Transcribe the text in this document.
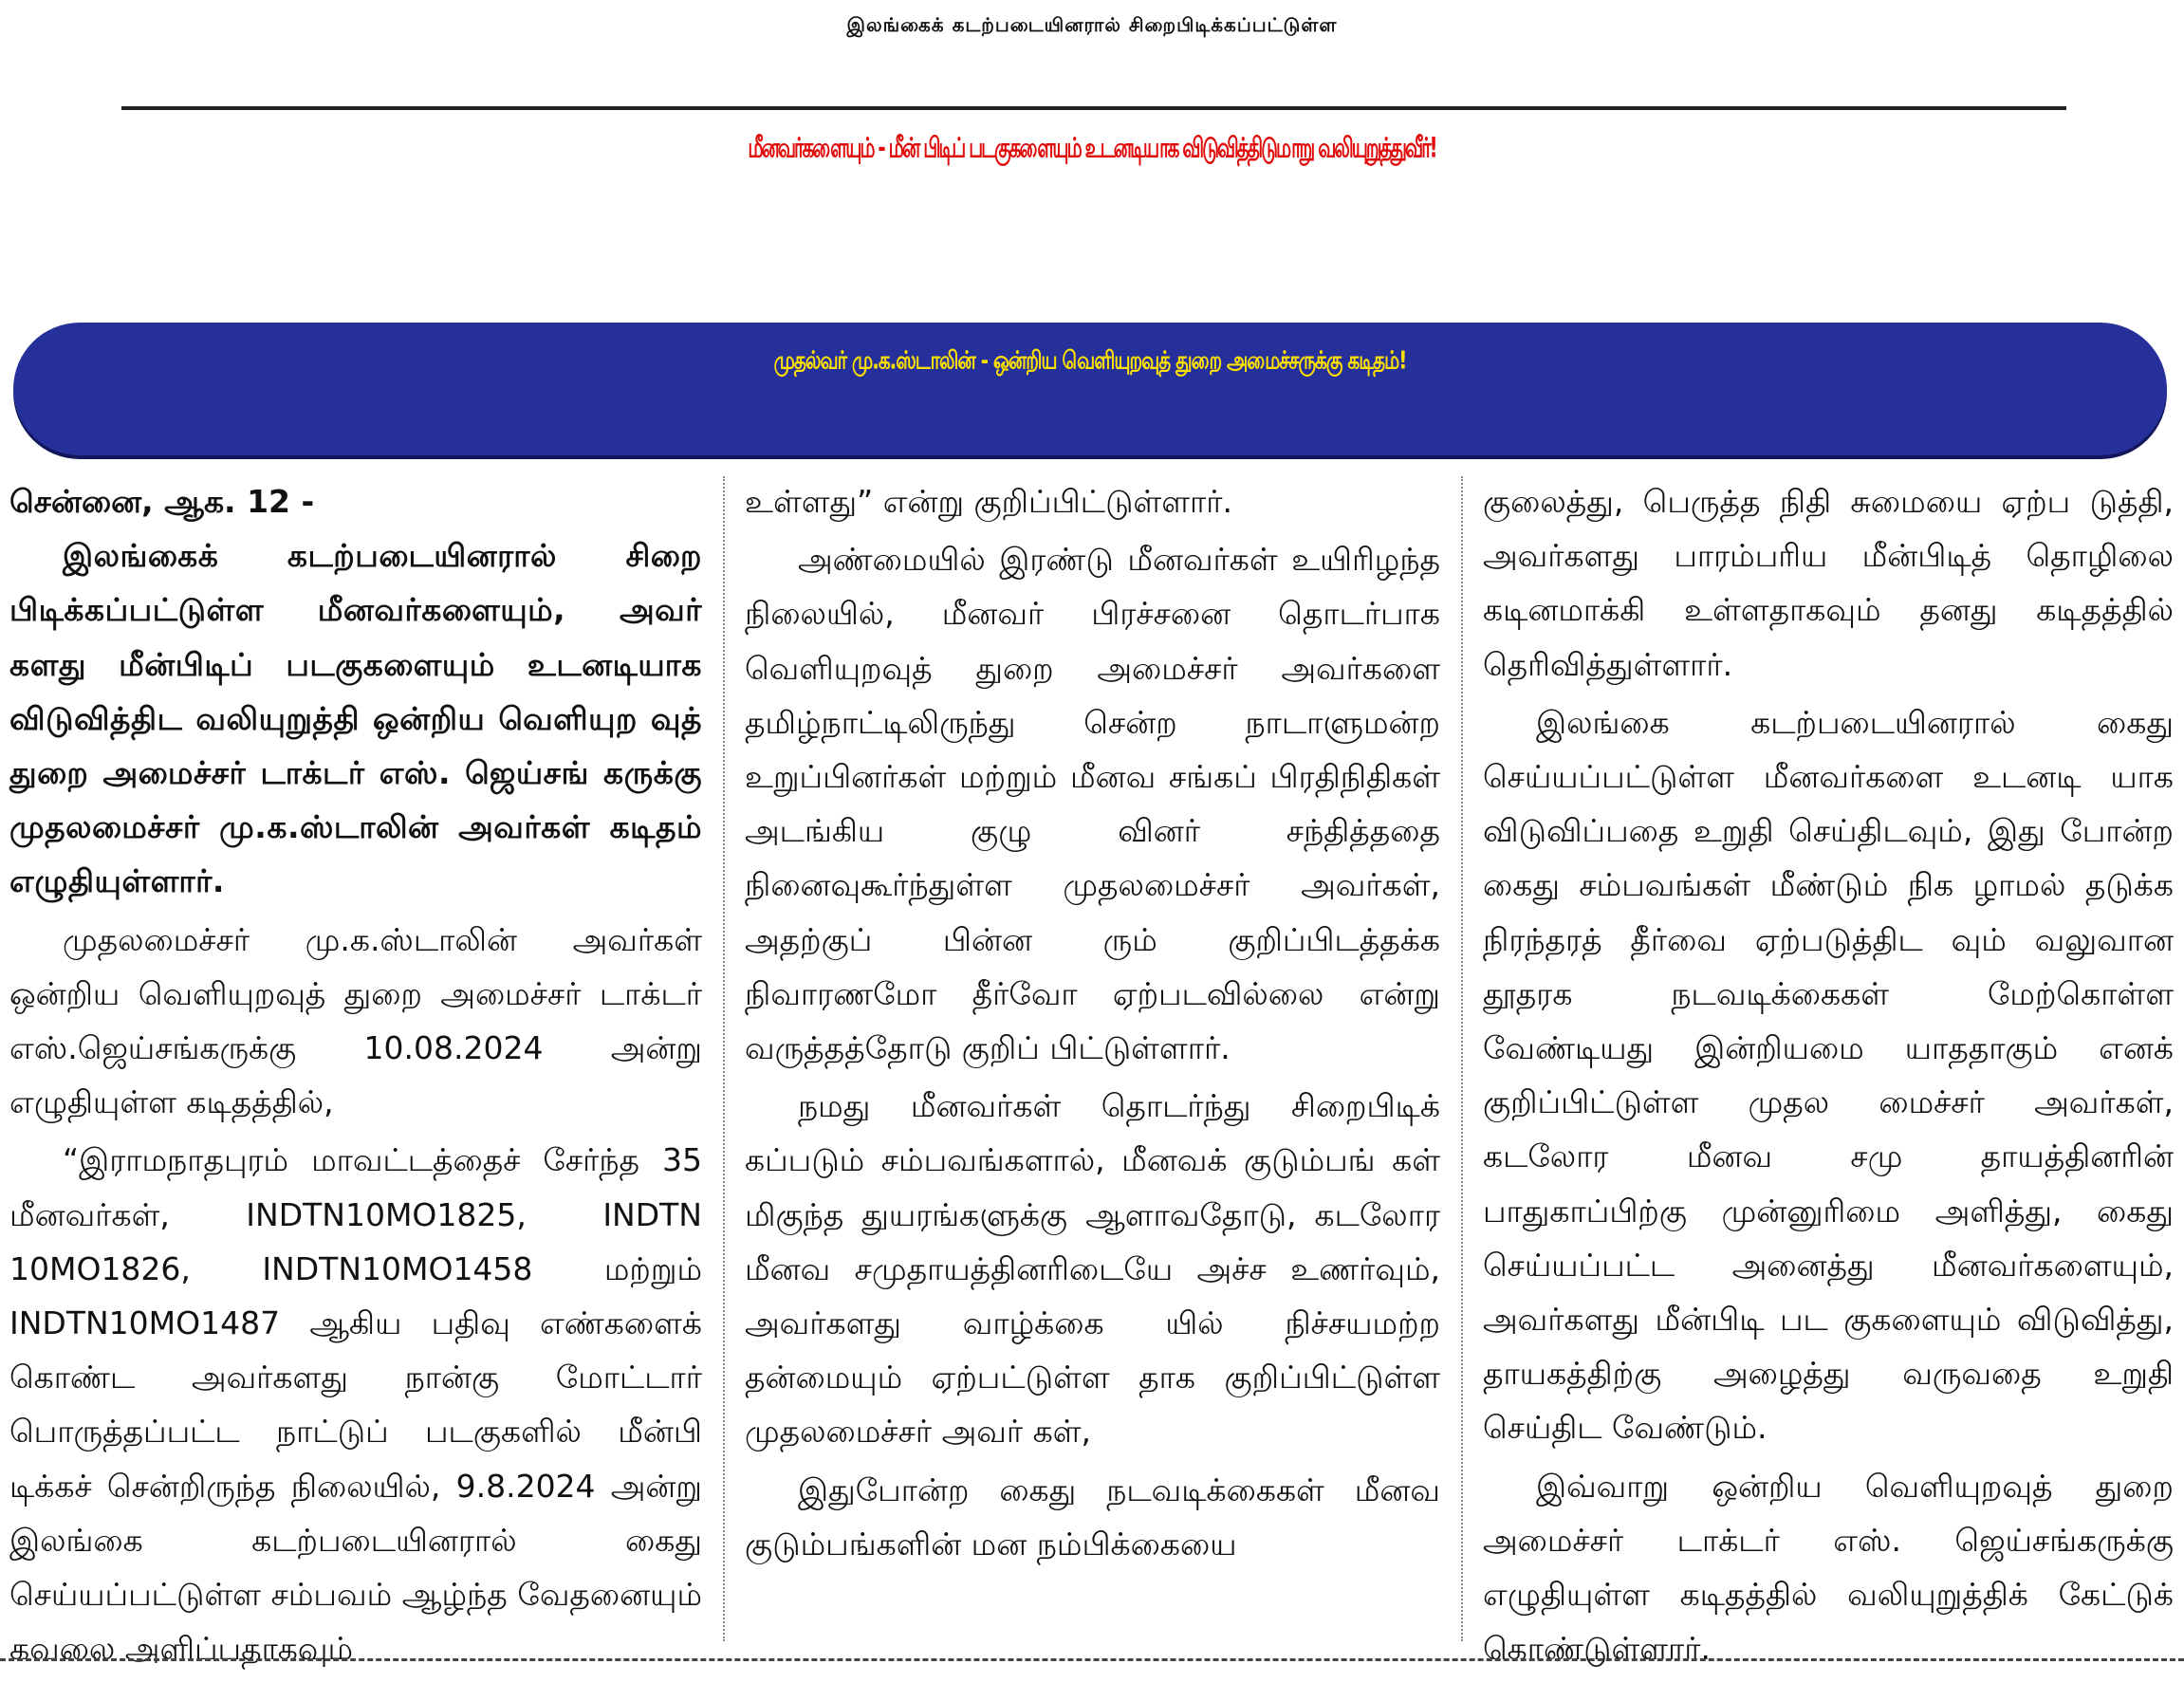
இலங்கைக் கடற்படையினரால் சிறைபிடிக்கப்பட்டுள்ள
மீனவர்களையும் - மீன் பிடிப் படகுகளையும் உடனடியாக விடுவித்திடுமாறு வலியுறுத்துவீர்!
முதல்வர் மு.க.ஸ்டாலின் - ஒன்றிய வெளியுறவுத் துறை அமைச்சருக்கு கடிதம்!

சென்னை, ஆக. 12 -

இலங்கைக் கடற்படையினரால் சிறை பிடிக்கப்பட்டுள்ள மீனவர்களையும், அவர் களது மீன்பிடிப் படகுகளையும் உடனடியாக விடுவித்திட வலியுறுத்தி ஒன்றிய வெளியுற வுத் துறை அமைச்சர் டாக்டர் எஸ். ஜெய்சங் கருக்கு முதலமைச்சர் மு.க.ஸ்டாலின் அவர்கள் கடிதம் எழுதியுள்ளார்.

முதலமைச்சர் மு.க.ஸ்டாலின் அவர்கள் ஒன்றிய வெளியுறவுத் துறை அமைச்சர் டாக்டர் எஸ்.ஜெய்சங்கருக்கு 10.08.2024 அன்று எழுதியுள்ள கடிதத்தில்,

“இராமநாதபுரம் மாவட்டத்தைச் சேர்ந்த 35 மீனவர்கள், INDTN10MO1825, INDTN 10MO1826, INDTN10MO1458 மற்றும் INDTN10MO1487 ஆகிய பதிவு எண்களைக் கொண்ட அவர்களது நான்கு மோட்டார் பொருத்தப்பட்ட நாட்டுப் படகுகளில் மீன்பி டிக்கச் சென்றிருந்த நிலையில், 9.8.2024 அன்று இலங்கை கடற்படையினரால் கைது செய்யப்பட்டுள்ள சம்பவம் ஆழ்ந்த வேதனையும் கவலை அளிப்பதாகவும்

உள்ளது” என்று குறிப்பிட்டுள்ளார்.

அண்மையில் இரண்டு மீனவர்கள் உயிரிழந்த நிலையில், மீனவர் பிரச்சனை தொடர்பாக வெளியுறவுத் துறை அமைச்சர் அவர்களை தமிழ்நாட்டிலிருந்து சென்ற நாடாளுமன்ற உறுப்பினர்கள் மற்றும் மீனவ சங்கப் பிரதிநிதிகள் அடங்கிய குழு வினர் சந்தித்ததை நினைவுகூர்ந்துள்ள முதலமைச்சர் அவர்கள், அதற்குப் பின்ன ரும் குறிப்பிடத்தக்க நிவாரணமோ தீர்வோ ஏற்படவில்லை என்று வருத்தத்தோடு குறிப் பிட்டுள்ளார்.

நமது மீனவர்கள் தொடர்ந்து சிறைபிடிக் கப்படும் சம்பவங்களால், மீனவக் குடும்பங் கள் மிகுந்த துயரங்களுக்கு ஆளாவதோடு, கடலோர மீனவ சமுதாயத்தினரிடையே அச்ச உணர்வும், அவர்களது வாழ்க்கை யில் நிச்சயமற்ற தன்மையும் ஏற்பட்டுள்ள தாக குறிப்பிட்டுள்ள முதலமைச்சர் அவர் கள்,

இதுபோன்ற கைது நடவடிக்கைகள் மீனவ குடும்பங்களின் மன நம்பிக்கையை

குலைத்து, பெருத்த நிதி சுமையை ஏற்ப டுத்தி, அவர்களது பாரம்பரிய மீன்பிடித் தொழிலை கடினமாக்கி உள்ளதாகவும் தனது கடிதத்தில் தெரிவித்துள்ளார்.

இலங்கை கடற்படையினரால் கைது செய்யப்பட்டுள்ள மீனவர்களை உடனடி யாக விடுவிப்பதை உறுதி செய்திடவும், இது போன்ற கைது சம்பவங்கள் மீண்டும் நிக ழாமல் தடுக்க நிரந்தரத் தீர்வை ஏற்படுத்திட வும் வலுவான தூதரக நடவடிக்கைகள் மேற்கொள்ள வேண்டியது இன்றியமை யாததாகும் எனக் குறிப்பிட்டுள்ள முதல மைச்சர் அவர்கள், கடலோர மீனவ சமு தாயத்தினரின் பாதுகாப்பிற்கு முன்னுரிமை அளித்து, கைது செய்யப்பட்ட அனைத்து மீனவர்களையும், அவர்களது மீன்பிடி பட குகளையும் விடுவித்து, தாயகத்திற்கு அழைத்து வருவதை உறுதி செய்திட வேண்டும்.

இவ்வாறு ஒன்றிய வெளியுறவுத் துறை அமைச்சர் டாக்டர் எஸ். ஜெய்சங்கருக்கு எழுதியுள்ள கடிதத்தில் வலியுறுத்திக் கேட்டுக் கொண்டுள்ளார்.
